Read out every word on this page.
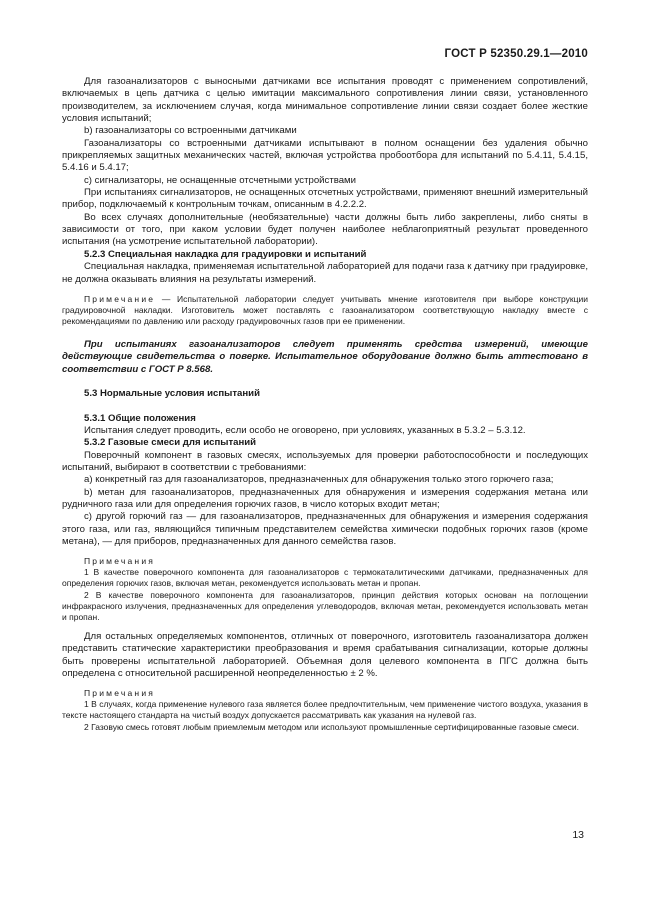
ГОСТ Р 52350.29.1—2010

Для газоанализаторов с выносными датчиками все испытания проводят с применением сопротивлений, включаемых в цепь датчика с целью имитации максимального сопротивления линии связи, установленного производителем, за исключением случая, когда минимальное сопротивление линии связи создает более жесткие условия испытаний;

b) газоанализаторы со встроенными датчиками

Газоанализаторы со встроенными датчиками испытывают в полном оснащении без удаления обычно прикрепляемых защитных механических частей, включая устройства пробоотбора для испытаний по 5.4.11, 5.4.15, 5.4.16 и 5.4.17;

c) сигнализаторы, не оснащенные отсчетными устройствами

При испытаниях сигнализаторов, не оснащенных отсчетных устройствами, применяют внешний измерительный прибор, подключаемый к контрольным точкам, описанным в 4.2.2.2.

Во всех случаях дополнительные (необязательные) части должны быть либо закреплены, либо сняты в зависимости от того, при каком условии будет получен наиболее неблагоприятный результат проведенного испытания (на усмотрение испытательной лаборатории).

5.2.3 Специальная накладка для градуировки и испытаний

Специальная накладка, применяемая испытательной лабораторией для подачи газа к датчику при градуировке, не должна оказывать влияния на результаты измерений.

Примечание — Испытательной лаборатории следует учитывать мнение изготовителя при выборе конструкции градуировочной накладки. Изготовитель может поставлять с газоанализатором соответствующую накладку вместе с рекомендациями по давлению или расходу градуировочных газов при ее применении.

При испытаниях газоанализаторов следует применять средства измерений, имеющие действующие свидетельства о поверке. Испытательное оборудование должно быть аттестовано в соответствии с ГОСТ Р 8.568.

5.3 Нормальные условия испытаний

5.3.1 Общие положения

Испытания следует проводить, если особо не оговорено, при условиях, указанных в 5.3.2 – 5.3.12.

5.3.2 Газовые смеси для испытаний

Поверочный компонент в газовых смесях, используемых для проверки работоспособности и последующих испытаний, выбирают в соответствии с требованиями:

a) конкретный газ для газоанализаторов, предназначенных для обнаружения только этого горючего газа;

b) метан для газоанализаторов, предназначенных для обнаружения и измерения содержания метана или рудничного газа или для определения горючих газов, в число которых входит метан;

c) другой горючий газ — для газоанализаторов, предназначенных для обнаружения и измерения содержания этого газа, или газ, являющийся типичным представителем семейства химически подобных горючих газов (кроме метана), — для приборов, предназначенных для данного семейства газов.

Примечания

1 В качестве поверочного компонента для газоанализаторов с термокаталитическими датчиками, предназначенных для определения горючих газов, включая метан, рекомендуется использовать метан и пропан.

2 В качестве поверочного компонента для газоанализаторов, принцип действия которых основан на поглощении инфракрасного излучения, предназначенных для определения углеводородов, включая метан, рекомендуется использовать метан и пропан.

Для остальных определяемых компонентов, отличных от поверочного, изготовитель газоанализатора должен представить статические характеристики преобразования и время срабатывания сигнализации, которые должны быть проверены испытательной лабораторией. Объемная доля целевого компонента в ПГС должна быть определена с относительной расширенной неопределенностью ± 2 %.

Примечания

1 В случаях, когда применение нулевого газа является более предпочтительным, чем применение чистого воздуха, указания в тексте настоящего стандарта на чистый воздух допускается рассматривать как указания на нулевой газ.

2 Газовую смесь готовят любым приемлемым методом или используют промышленные сертифицированные газовые смеси.

13
